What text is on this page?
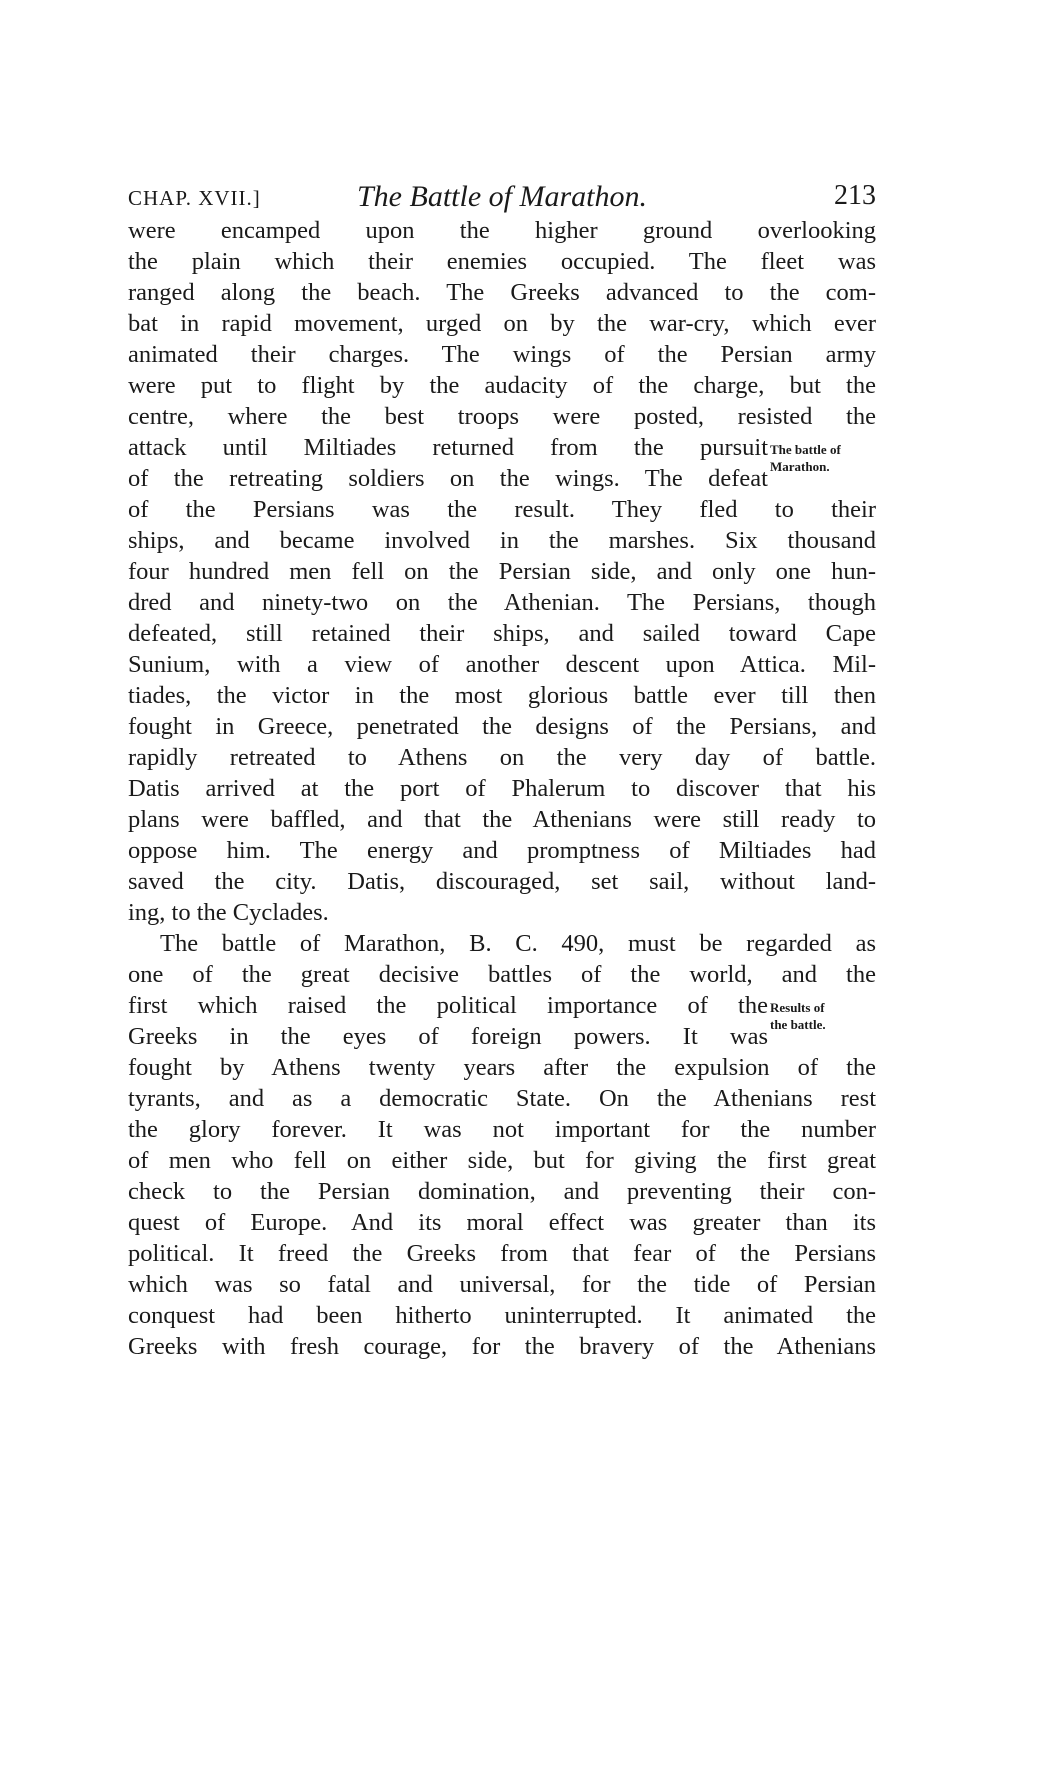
CHAP. XVII.]	The Battle of Marathon.	213
were encamped upon the higher ground overlooking
the plain which their enemies occupied. The fleet was
ranged along the beach. The Greeks advanced to the com-
bat in rapid movement, urged on by the war-cry, which ever
animated their charges. The wings of the Persian army
were put to flight by the audacity of the charge, but the
centre, where the best troops were posted, resisted the
attack until Miltiades returned from the pursuit
of the retreating soldiers on the wings. The defeat
of the Persians was the result. They fled to their
ships, and became involved in the marshes. Six thousand
four hundred men fell on the Persian side, and only one hun-
dred and ninety-two on the Athenian. The Persians, though
defeated, still retained their ships, and sailed toward Cape
Sunium, with a view of another descent upon Attica. Mil-
tiades, the victor in the most glorious battle ever till then
fought in Greece, penetrated the designs of the Persians, and
rapidly retreated to Athens on the very day of battle.
Datis arrived at the port of Phalerum to discover that his
plans were baffled, and that the Athenians were still ready to
oppose him. The energy and promptness of Miltiades had
saved the city. Datis, discouraged, set sail, without land-
ing, to the Cyclades.
The battle of Marathon, B. C. 490, must be regarded as
one of the great decisive battles of the world, and the
first which raised the political importance of the
Greeks in the eyes of foreign powers. It was
fought by Athens twenty years after the expulsion of the
tyrants, and as a democratic State. On the Athenians rest
the glory forever. It was not important for the number
of men who fell on either side, but for giving the first great
check to the Persian domination, and preventing their con-
quest of Europe. And its moral effect was greater than its
political. It freed the Greeks from that fear of the Persians
which was so fatal and universal, for the tide of Persian
conquest had been hitherto uninterrupted. It animated the
Greeks with fresh courage, for the bravery of the Athenians
The battle of
Marathon.
Results of
the battle.
